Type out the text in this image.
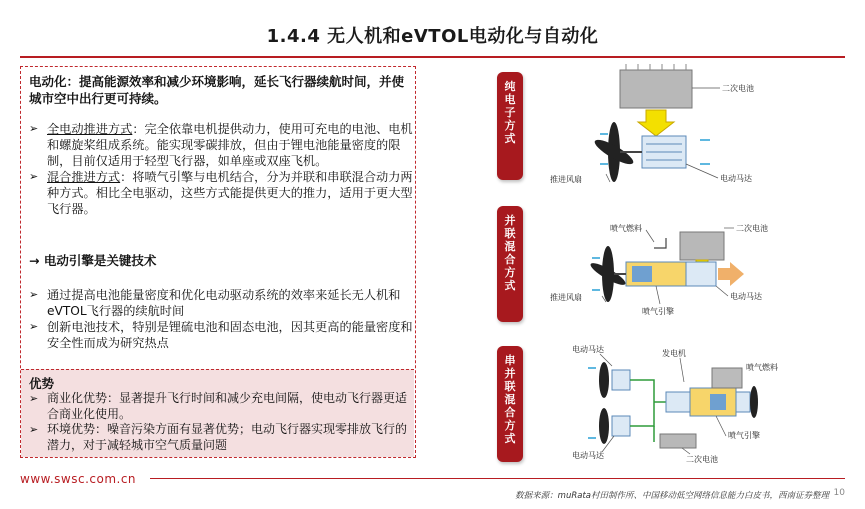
1.4.4 无人机和eVTOL电动化与自动化
电动化：提高能源效率和减少环境影响，延长飞行器续航时间，并使城市空中出行更可持续。
➢ 全电动推进方式：完全依靠电机提供动力，使用可充电的电池、电机和螺旋桨组成系统。能实现零碳排放，但由于锂电池能量密度的限制，目前仅适用于轻型飞行器，如单座或双座飞机。
➢ 混合推进方式：将喷气引擎与电机结合，分为并联和串联混合动力两种方式。相比全电驱动，这些方式能提供更大的推力，适用于更大型飞行器。
→ 电动引擎是关键技术
➢ 通过提高电池能量密度和优化电动驱动系统的效率来延长无人机和eVTOL飞行器的续航时间
➢ 创新电池技术，特别是锂硫电池和固态电池，因其更高的能量密度和安全性而成为研究热点
优势
➢ 商业化优势：显著提升飞行时间和减少充电间隔，使电动飞行器更适合商业化使用。
➢ 环境优势：噪音污染方面有显著优势；电动飞行器实现零排放飞行的潜力，对于减轻城市空气质量问题
纯电子方式
并联混合方式
串并联混合方式
二次电池
推进风扇	电动马达
二次电池
喷气燃料
推进风扇	电动马达
喷气引擎
电动马达	发电机
喷气燃料
喷气引擎
电动马达	二次电池
www.swsc.com.cn
数据来源：muRata村田制作所、中国移动低空网络信息能力白皮书，西南证券整理 10
